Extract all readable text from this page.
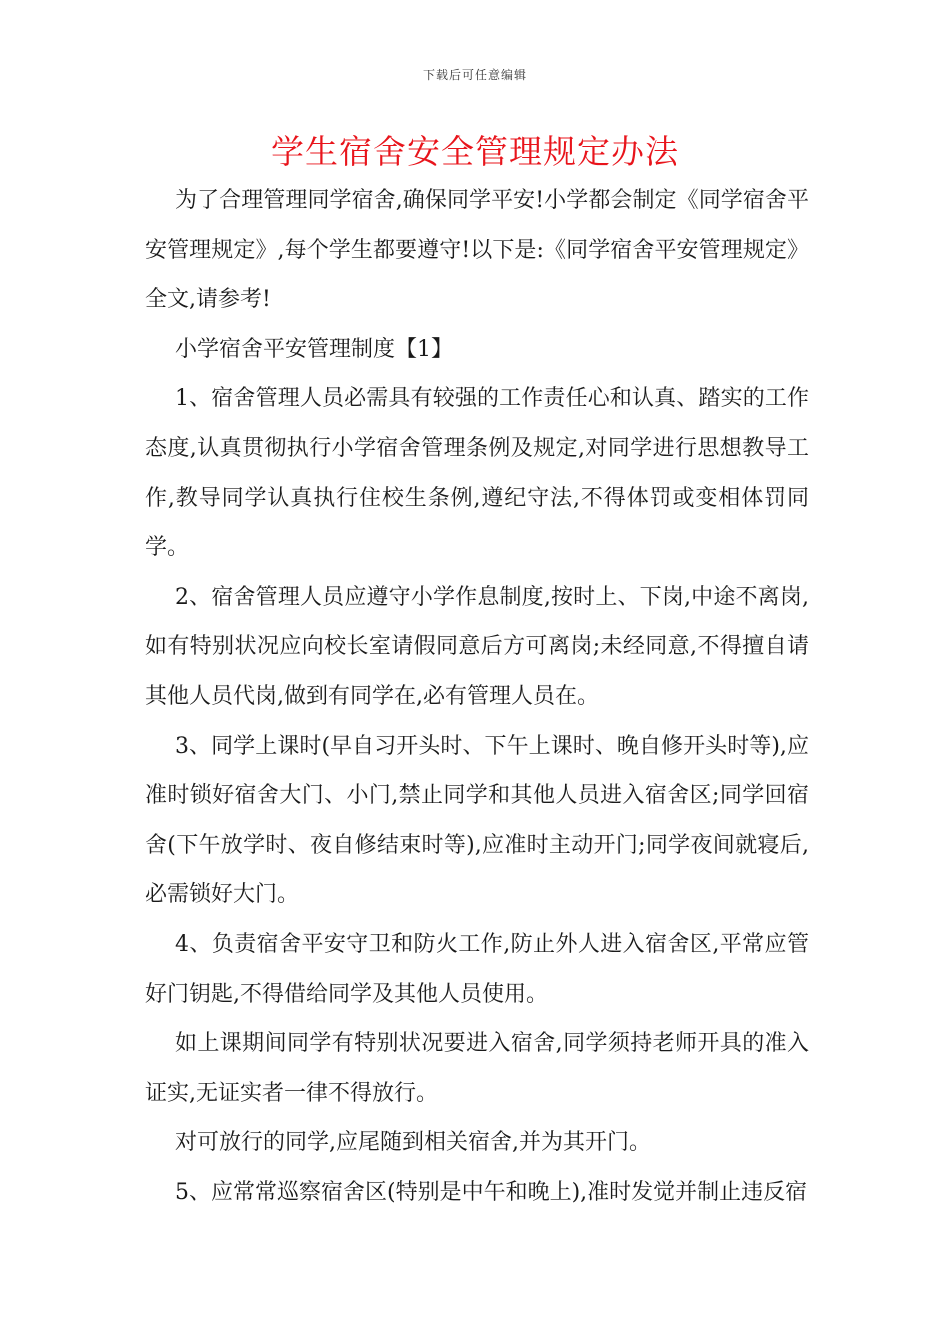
下载后可任意编辑
学生宿舍安全管理规定办法

为了合理管理同学宿舍,确保同学平安!小学都会制定《同学宿舍平安管理规定》,每个学生都要遵守!以下是:《同学宿舍平安管理规定》全文,请参考!

小学宿舍平安管理制度【1】

1、宿舍管理人员必需具有较强的工作责任心和认真、踏实的工作态度,认真贯彻执行小学宿舍管理条例及规定,对同学进行思想教导工作,教导同学认真执行住校生条例,遵纪守法,不得体罚或变相体罚同学。

2、宿舍管理人员应遵守小学作息制度,按时上、下岗,中途不离岗,如有特别状况应向校长室请假同意后方可离岗;未经同意,不得擅自请其他人员代岗,做到有同学在,必有管理人员在。

3、同学上课时(早自习开头时、下午上课时、晚自修开头时等),应准时锁好宿舍大门、小门,禁止同学和其他人员进入宿舍区;同学回宿舍(下午放学时、夜自修结束时等),应准时主动开门;同学夜间就寝后,必需锁好大门。

4、负责宿舍平安守卫和防火工作,防止外人进入宿舍区,平常应管好门钥匙,不得借给同学及其他人员使用。

如上课期间同学有特别状况要进入宿舍,同学须持老师开具的准入证实,无证实者一律不得放行。

对可放行的同学,应尾随到相关宿舍,并为其开门。

5、应常常巡察宿舍区(特别是中午和晚上),准时发觉并制止违反宿
